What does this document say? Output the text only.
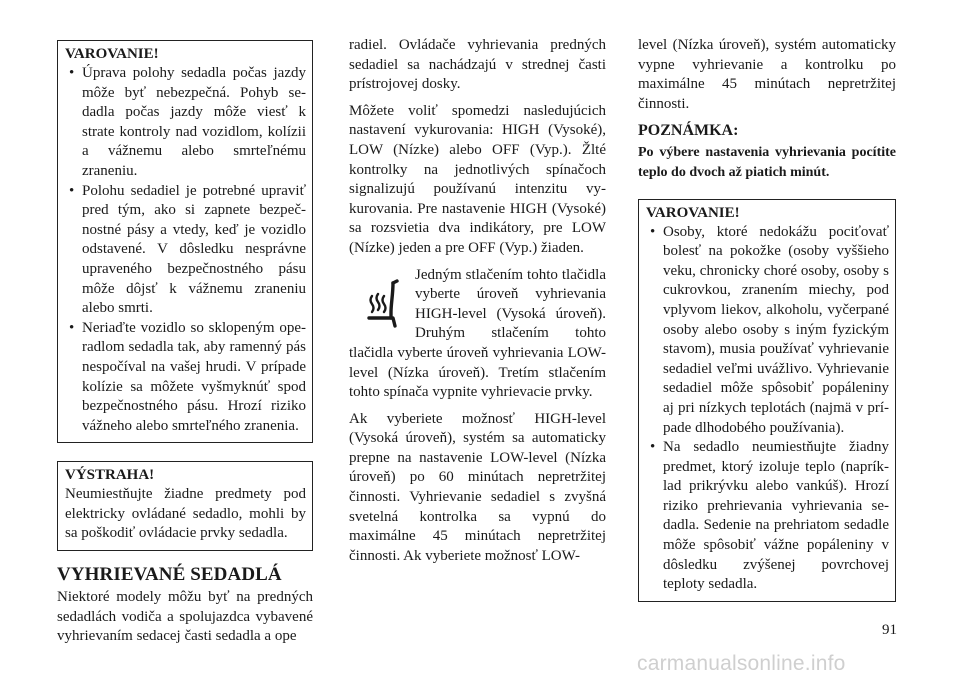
VAROVANIE!
• Úprava polohy sedadla počas jazdy môže byť nebezpečná. Pohyb sedadla počas jazdy môže viesť k strate kontroly nad vozidlom, kolízii a vážnemu alebo smrteľnému zraneniu.
• Polohu sedadiel je potrebné upraviť pred tým, ako si zapnete bezpečnostné pásy a vtedy, keď je vozidlo odstavené. V dôsledku nesprávne upraveného bezpečnostného pásu môže dôjsť k vážnemu zraneniu alebo smrti.
• Neriaďte vozidlo so sklopeným operadlom sedadla tak, aby ramenný pás nespočíval na vašej hrudi. V prípade kolízie sa môžete vyšmyknúť spod bezpečnostného pásu. Hrozí riziko vážneho alebo smrteľného zranenia.
VÝSTRAHA!

Neumiestňujte žiadne predmety pod elektricky ovládané sedadlo, mohli by sa poškodiť ovládacie prvky sedadla.

VYHRIEVANÉ SEDADLÁ

Niektoré modely môžu byť na predných sedadlách vodiča a spolujazdca vybavené vyhrievaním sedacej časti sedadla a ope

radiel. Ovládače vyhrievania predných sedadiel sa nachádzajú v strednej časti prístrojovej dosky.

Môžete voliť spomedzi nasledujúcich nastavení vykurovania: HIGH (Vysoké), LOW (Nízke) alebo OFF (Vyp.). Žlté kontrolky na jednotlivých spínačoch signalizujú používanú intenzitu vykurovania. Pre nastavenie HIGH (Vysoké) sa rozsvietia dva indikátory, pre LOW (Nízke) jeden a pre OFF (Vyp.) žiaden.

Jedným stlačením tohto tlačidla vyberte úroveň vyhrievania HIGH-level (Vysoká úroveň). Druhým stlačením tohto tlačidla vyberte úroveň vyhrievania LOW-level (Nízka úroveň). Tretím stlačením tohto spínača vypnite vyhrievacie prvky.

Ak vyberiete možnosť HIGH-level (Vysoká úroveň), systém sa automaticky prepne na nastavenie LOW-level (Nízka úroveň) po 60 minútach nepretržitej činnosti. Vyhrievanie sedadiel s zvyšná svetelná kontrolka sa vypnú do maximálne 45 minútach nepretržitej činnosti. Ak vyberiete možnosť LOW-

level (Nízka úroveň), systém automaticky vypne vyhrievanie a kontrolku po maximálne 45 minútach nepretržitej činnosti.

POZNÁMKA:

Po výbere nastavenia vyhrievania pocítite teplo do dvoch až piatich minút.

VAROVANIE!
• Osoby, ktoré nedokážu pociťovať bolesť na pokožke (osoby vyššieho veku, chronicky choré osoby, osoby s cukrovkou, zranením miechy, pod vplyvom liekov, alkoholu, vyčerpané osoby alebo osoby s iným fyzickým stavom), musia používať vyhrievanie sedadiel veľmi uvážlivo. Vyhrievanie sedadiel môže spôsobiť popáleniny aj pri nízkych teplotách (najmä v prípade dlhodobého používania).
• Na sedadlo neumiestňujte žiadny predmet, ktorý izoluje teplo (napríklad prikrývku alebo vankúš). Hrozí riziko prehrievania vyhrievania sedadla. Sedenie na prehriatom sedadle môže spôsobiť vážne popáleniny v dôsledku zvýšenej povrchovej teploty sedadla.
91
carmanualsonline.info
